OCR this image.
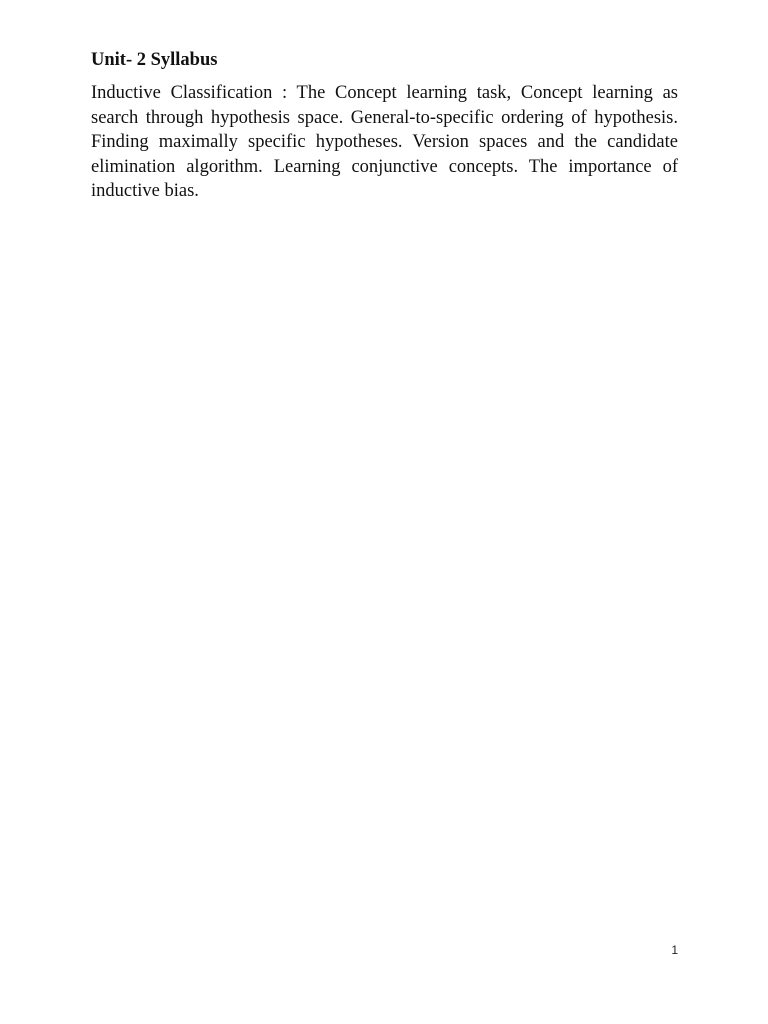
Unit- 2 Syllabus

Inductive Classification : The Concept learning task, Concept learning as search through hypothesis space. General-to-specific ordering of hypothesis. Finding maximally specific hypotheses. Version spaces and the candidate elimination algorithm. Learning conjunctive concepts. The importance of inductive bias.

1
